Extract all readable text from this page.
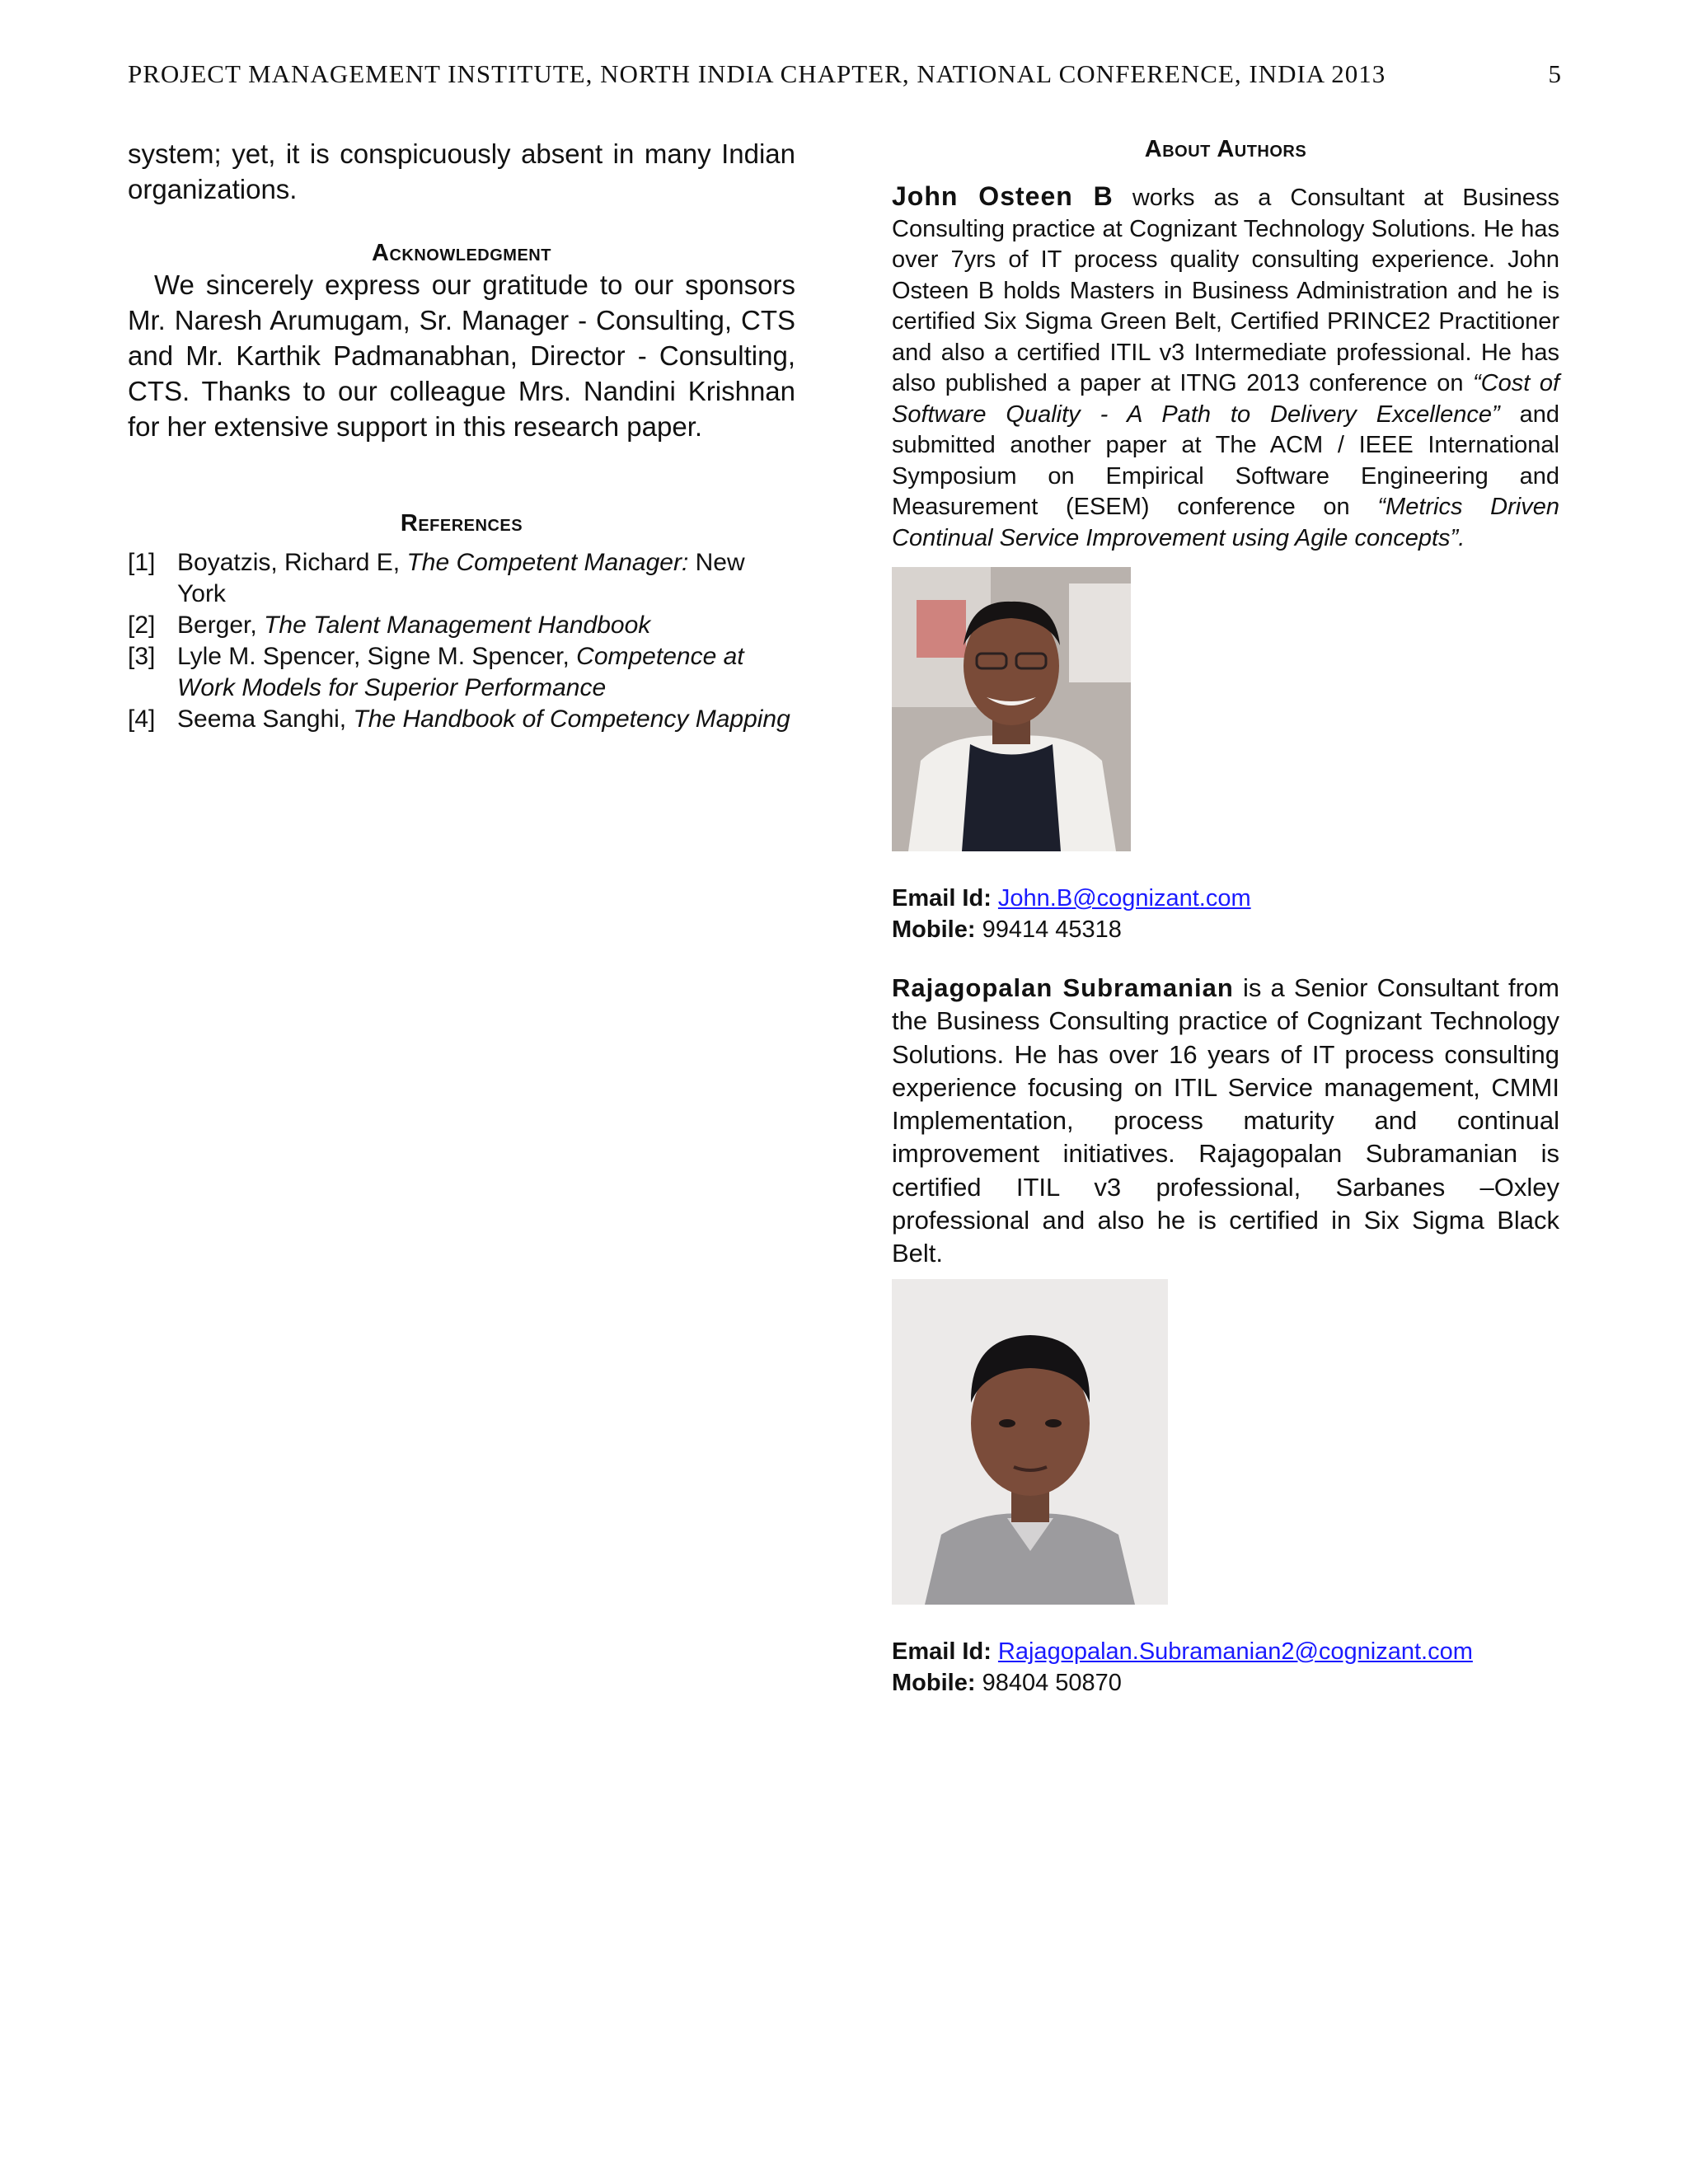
PROJECT MANAGEMENT INSTITUTE, NORTH INDIA CHAPTER, NATIONAL CONFERENCE, INDIA 2013	5

system; yet, it is conspicuously absent in many Indian organizations.

Acknowledgment

We sincerely express our gratitude to our sponsors Mr. Naresh Arumugam, Sr. Manager - Consulting, CTS and Mr. Karthik Padmanabhan, Director - Consulting, CTS. Thanks to our colleague Mrs. Nandini Krishnan for her extensive support in this research paper.

References
[1] Boyatzis, Richard E, The Competent Manager: New York
[2] Berger, The Talent Management Handbook
[3] Lyle M. Spencer, Signe M. Spencer, Competence at Work Models for Superior Performance
[4] Seema Sanghi, The Handbook of Competency Mapping
About Authors

John Osteen B works as a Consultant at Business Consulting practice at Cognizant Technology Solutions. He has over 7yrs of IT process quality consulting experience. John Osteen B holds Masters in Business Administration and he is certified Six Sigma Green Belt, Certified PRINCE2 Practitioner and also a certified ITIL v3 Intermediate professional. He has also published a paper at ITNG 2013 conference on “Cost of Software Quality - A Path to Delivery Excellence” and submitted another paper at The ACM / IEEE International Symposium on Empirical Software Engineering and Measurement (ESEM) conference on “Metrics Driven Continual Service Improvement using Agile concepts”.

Email Id: John.B@cognizant.com
Mobile: 99414 45318

Rajagopalan Subramanian is a Senior Consultant from the Business Consulting practice of Cognizant Technology Solutions. He has over 16 years of IT process consulting experience focusing on ITIL Service management, CMMI Implementation, process maturity and continual improvement initiatives. Rajagopalan Subramanian is certified ITIL v3 professional, Sarbanes –Oxley professional and also he is certified in Six Sigma Black Belt.

Email Id: Rajagopalan.Subramanian2@cognizant.com
Mobile: 98404 50870
